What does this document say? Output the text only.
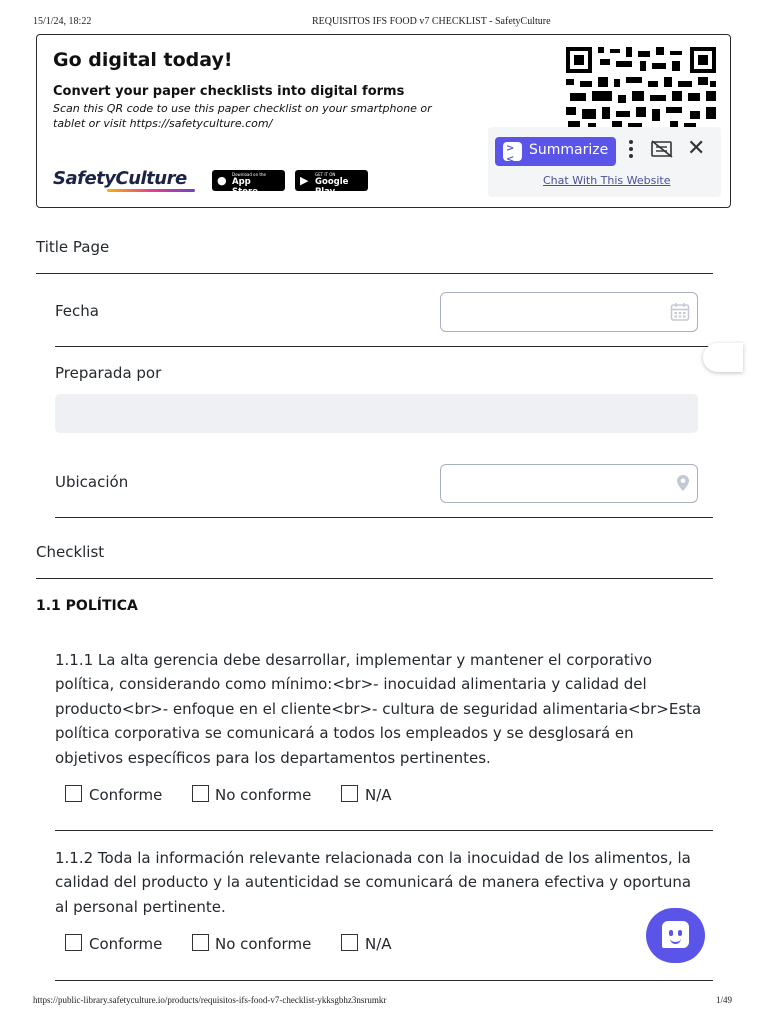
15/1/24, 18:22	REQUISITOS IFS FOOD v7 CHECKLIST - SafetyCulture
Go digital today!
Convert your paper checklists into digital forms
Scan this QR code to use this paper checklist on your smartphone or tablet or visit https://safetyculture.com/
SafetyCulture	● Download on the
App Store
▶ GET IT ON
Google Play
><
Summarize	✕
Chat With This Website
Title Page
Fecha
Preparada por
Ubicación
Checklist
1.1 POLÍTICA
1.1.1 La alta gerencia debe desarrollar, implementar y mantener el corporativo política, considerando como mínimo:<br>- inocuidad alimentaria y calidad del producto<br>- enfoque en el cliente<br>- cultura de seguridad alimentaria<br>Esta política corporativa se comunicará a todos los empleados y se desglosará en objetivos específicos para los departamentos pertinentes.
Conforme	No conforme	N/A
1.1.2 Toda la información relevante relacionada con la inocuidad de los alimentos, la calidad del producto y la autenticidad se comunicará de manera efectiva y oportuna al personal pertinente.
Conforme	No conforme	N/A
https://public-library.safetyculture.io/products/requisitos-ifs-food-v7-checklist-ykksgbhz3nsrumkr	1/49
